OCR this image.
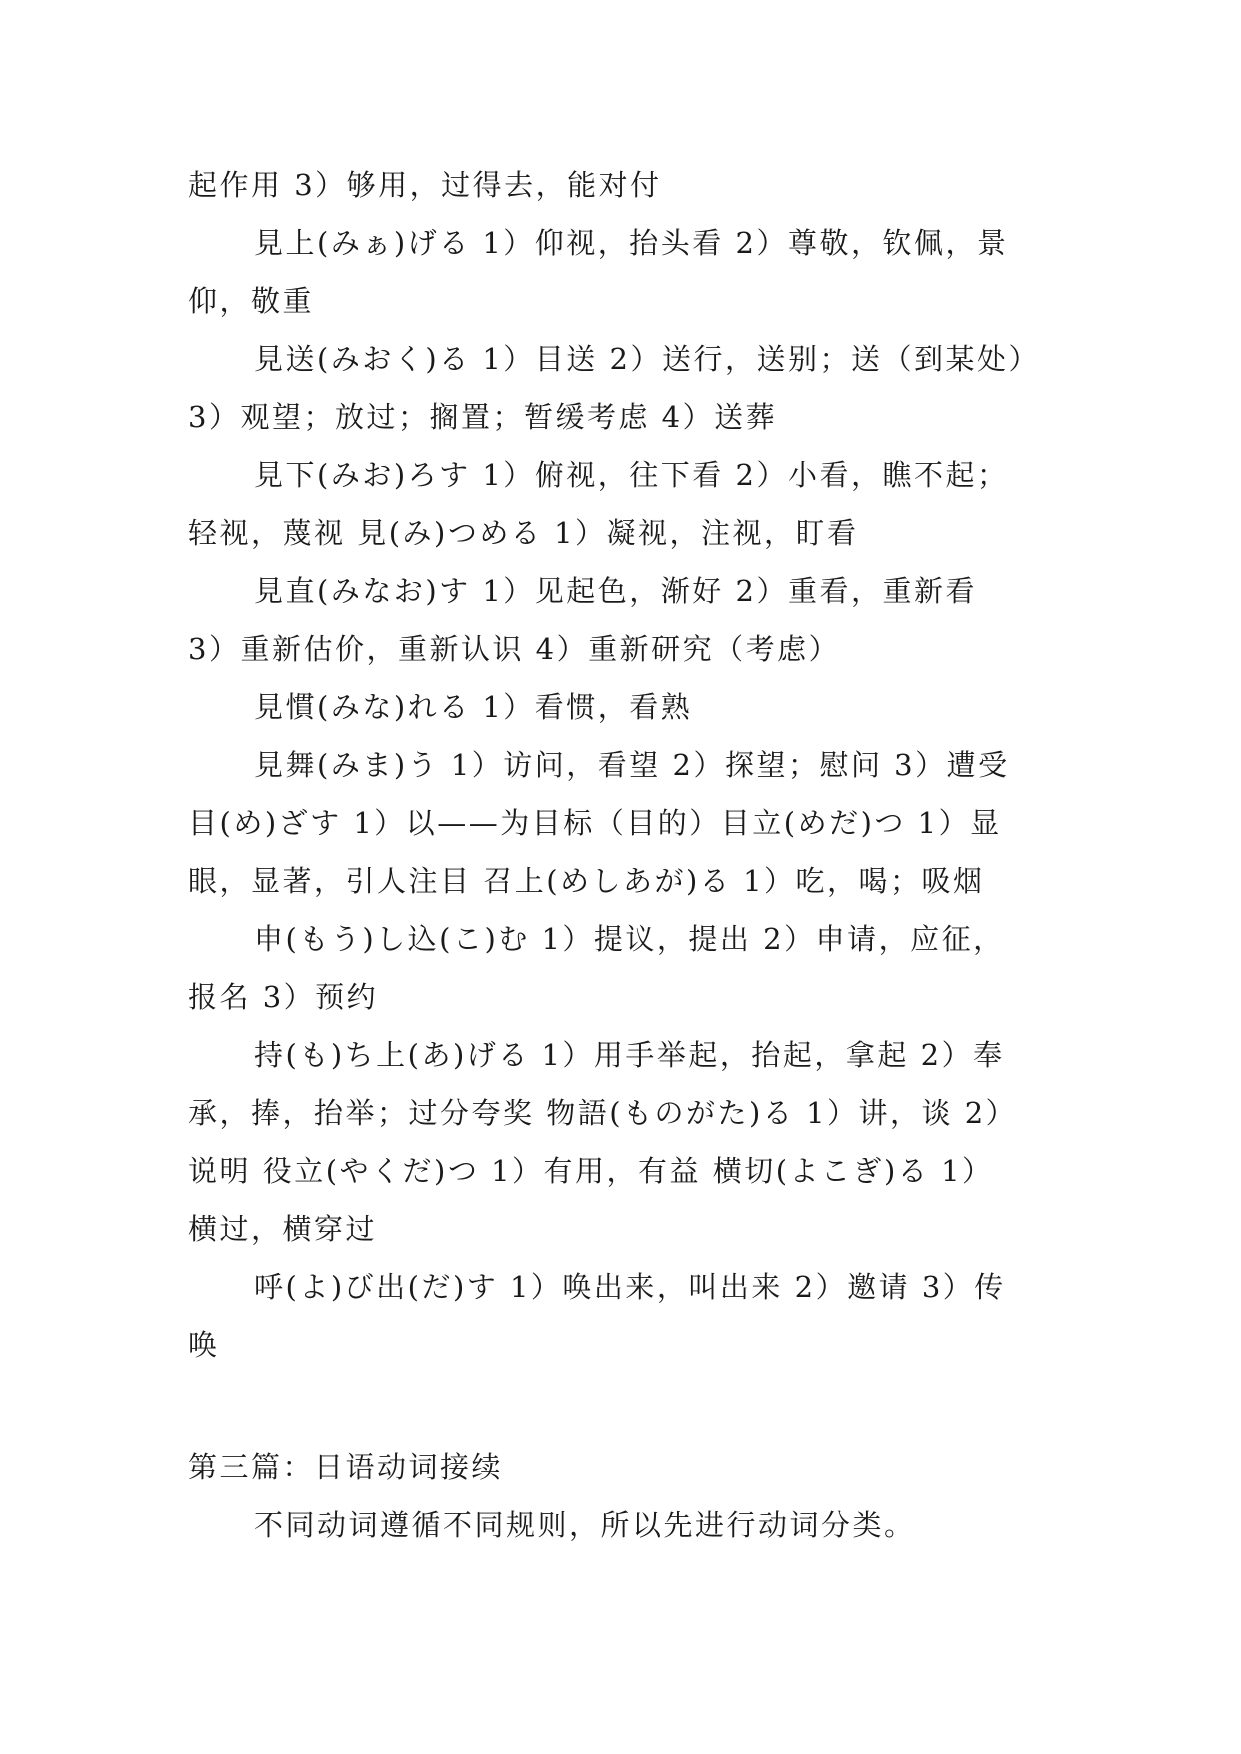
起作用 3）够用，过得去，能对付
見上(みぁ)げる 1）仰视，抬头看 2）尊敬，钦佩，景
仰，敬重
見送(みおく)る 1）目送 2）送行，送别；送（到某处）
3）观望；放过；搁置；暂缓考虑 4）送葬
見下(みお)ろす 1）俯视，往下看 2）小看，瞧不起；
轻视，蔑视 見(み)つめる 1）凝视，注视，盯看
見直(みなお)す 1）见起色，渐好 2）重看，重新看
3）重新估价，重新认识 4）重新研究（考虑）
見慣(みな)れる 1）看惯，看熟
見舞(みま)う 1）访问，看望 2）探望；慰问 3）遭受
目(め)ざす 1）以——为目标（目的）目立(めだ)つ 1）显
眼，显著，引人注目 召上(めしあが)る 1）吃，喝；吸烟
申(もう)し込(こ)む 1）提议，提出 2）申请，应征，
报名 3）预约
持(も)ち上(あ)げる 1）用手举起，抬起，拿起 2）奉
承，捧，抬举；过分夸奖 物語(ものがた)る 1）讲，谈 2）
说明 役立(やくだ)つ 1）有用，有益 横切(よこぎ)る 1）
横过，横穿过
呼(よ)び出(だ)す 1）唤出来，叫出来 2）邀请 3）传
唤
第三篇：日语动词接续
不同动词遵循不同规则，所以先进行动词分类。
